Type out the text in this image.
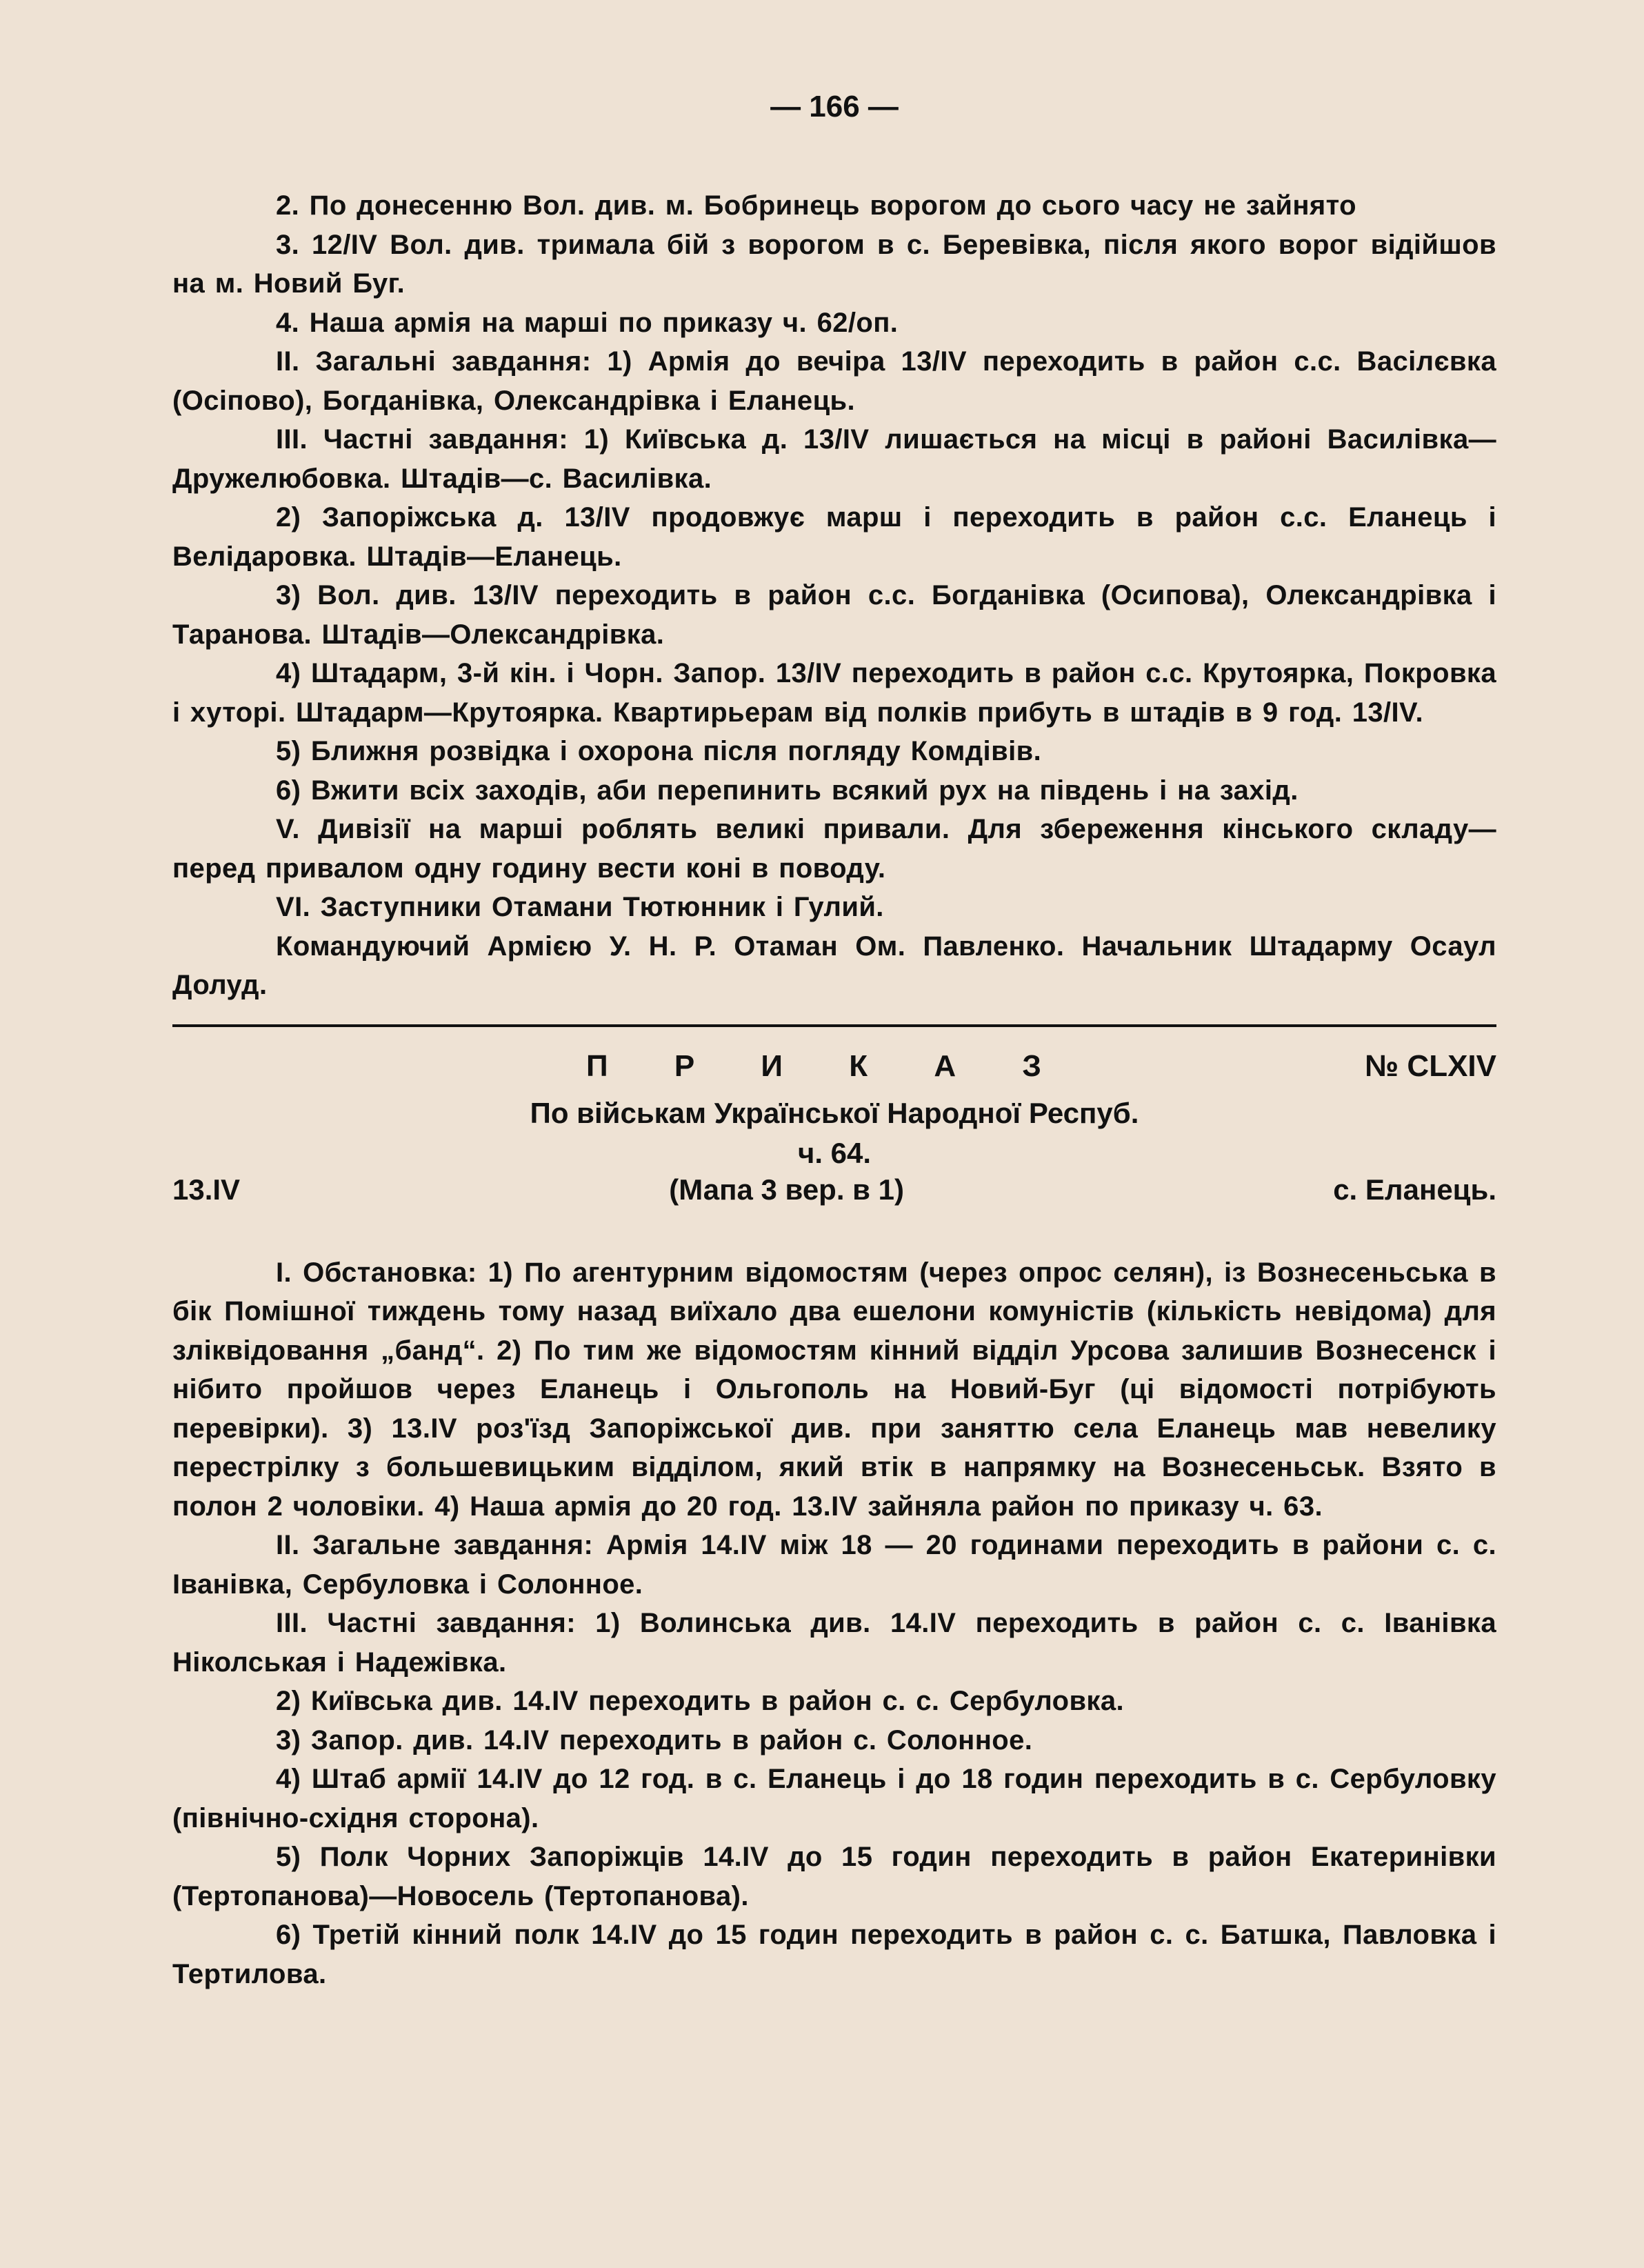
— 166 —

2. По донесенню Вол. див. м. Бобринець ворогом до сього часу не зайнято

3. 12/IV Вол. див. тримала бій з ворогом в с. Берeвівка, після якого ворог відійшов на м. Новий Буг.

4. Наша армія на марші по приказу ч. 62/оп.

II. Загальні завдання: 1) Армія до вечіра 13/IV переходить в район с.с. Васілєвка (Осіпово), Богданівка, Олександрівка і Еланець.

III. Частні завдання: 1) Київська д. 13/IV лишається на місці в районі Василівка—Дружелюбовка. Штадів—с. Василівка.

2) Запоріжська д. 13/IV продовжує марш і переходить в район с.с. Еланець і Велідаровка. Штадів—Еланець.

3) Вол. див. 13/IV переходить в район с.с. Богданівка (Осипова), Олександрівка і Таранова. Штадів—Олександрівка.

4) Штадарм, 3-й кін. і Чорн. Запор. 13/IV переходить в район с.с. Крутоярка, Покровка і хуторі. Штадарм—Крутоярка. Квартирьерам від полків прибуть в штадів в 9 год. 13/IV.

5) Ближня розвідка і охорона після погляду Комдівів.

6) Вжити всіх заходів, аби перепинить всякий рух на південь і на захід.

V. Дивізії на марші роблять великі привали. Для збереження кінського складу—перед привалом одну годину вести коні в поводу.

VI. Заступники Отамани Тютюнник і Гулий.

Командуючий Армією У. Н. Р. Отаман Ом. Павленко. Начальник Штадарму Осаул Долуд.

П Р И К А З	№ CLXIV
По військам Української Народної Респуб.
ч. 64.
13.IV	(Мапа 3 вер. в 1)	с. Еланець.

I. Обстановка: 1) По агентурним відомостям (через опрос селян), із Вознесеньська в бік Помішної тиждень тому назад виїхало два ешелони комуністів (кількість невідома) для зліквідовання „банд“. 2) По тим же відомостям кінний відділ Урсова залишив Вознесенск і нібито пройшов через Еланець і Ольгополь на Новий-Буг (ці відомості потрібують перевірки). 3) 13.IV роз'їзд Запоріжської див. при заняттю села Еланець мав невелику перестрілку з большевицьким відділом, який втік в напрямку на Вознесеньськ. Взято в полон 2 чоловіки. 4) Наша армія до 20 год. 13.IV зайняла район по приказу ч. 63.

II. Загальне завдання: Армія 14.IV між 18 — 20 годинами переходить в райони с. с. Іванівка, Сербуловка і Солонное.

III. Частні завдання: 1) Волинська див. 14.IV переходить в район с. с. Іванівка Ніколськая і Надежівка.

2) Київська див. 14.IV переходить в район с. с. Сербуловка.

3) Запор. див. 14.IV переходить в район с. Солонное.

4) Штаб армії 14.IV до 12 год. в с. Еланець і до 18 годин переходить в с. Сербуловку (північно-східня сторона).

5) Полк Чорних Запоріжців 14.IV до 15 годин переходить в район Екатеринівки (Тертопанова)—Новосель (Тертопанова).

6) Третій кінний полк 14.IV до 15 годин переходить в район с. с. Батшка, Павловка і Тертилова.
